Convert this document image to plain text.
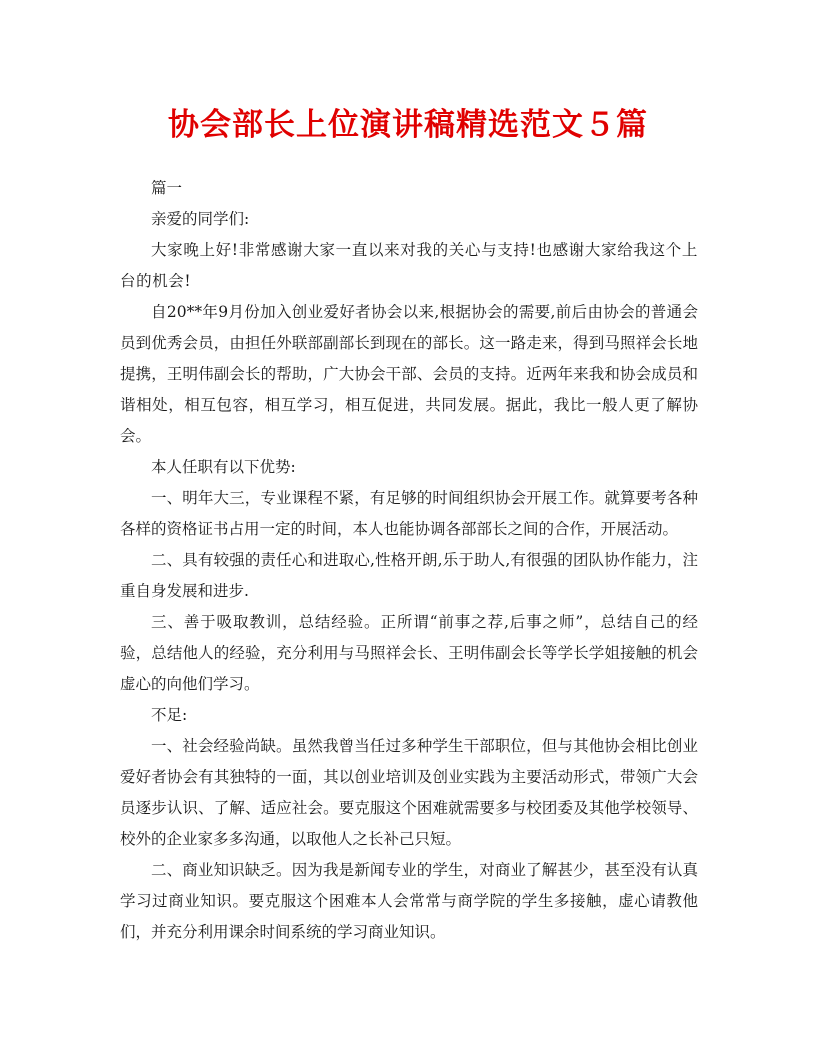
协会部长上位演讲稿精选范文５篇

篇一

亲爱的同学们:

大家晚上好!非常感谢大家一直以来对我的关心与支持!也感谢大家给我这个上台的机会!

自20**年9月份加入创业爱好者协会以来,根据协会的需要,前后由协会的普通会员到优秀会员，由担任外联部副部长到现在的部长。这一路走来，得到马照祥会长地提携，王明伟副会长的帮助，广大协会干部、会员的支持。近两年来我和协会成员和谐相处，相互包容，相互学习，相互促进，共同发展。据此，我比一般人更了解协会。

本人任职有以下优势:

一、明年大三，专业课程不紧，有足够的时间组织协会开展工作。就算要考各种各样的资格证书占用一定的时间，本人也能协调各部部长之间的合作，开展活动。

二、具有较强的责任心和进取心,性格开朗,乐于助人,有很强的团队协作能力，注重自身发展和进步.

三、善于吸取教训，总结经验。正所谓“前事之荐,后事之师”，总结自己的经验，总结他人的经验，充分利用与马照祥会长、王明伟副会长等学长学姐接触的机会虚心的向他们学习。

不足:

一、社会经验尚缺。虽然我曾当任过多种学生干部职位，但与其他协会相比创业爱好者协会有其独特的一面，其以创业培训及创业实践为主要活动形式，带领广大会员逐步认识、了解、适应社会。要克服这个困难就需要多与校团委及其他学校领导、校外的企业家多多沟通，以取他人之长补己只短。

二、商业知识缺乏。因为我是新闻专业的学生，对商业了解甚少，甚至没有认真学习过商业知识。要克服这个困难本人会常常与商学院的学生多接触，虚心请教他们，并充分利用课余时间系统的学习商业知识。
